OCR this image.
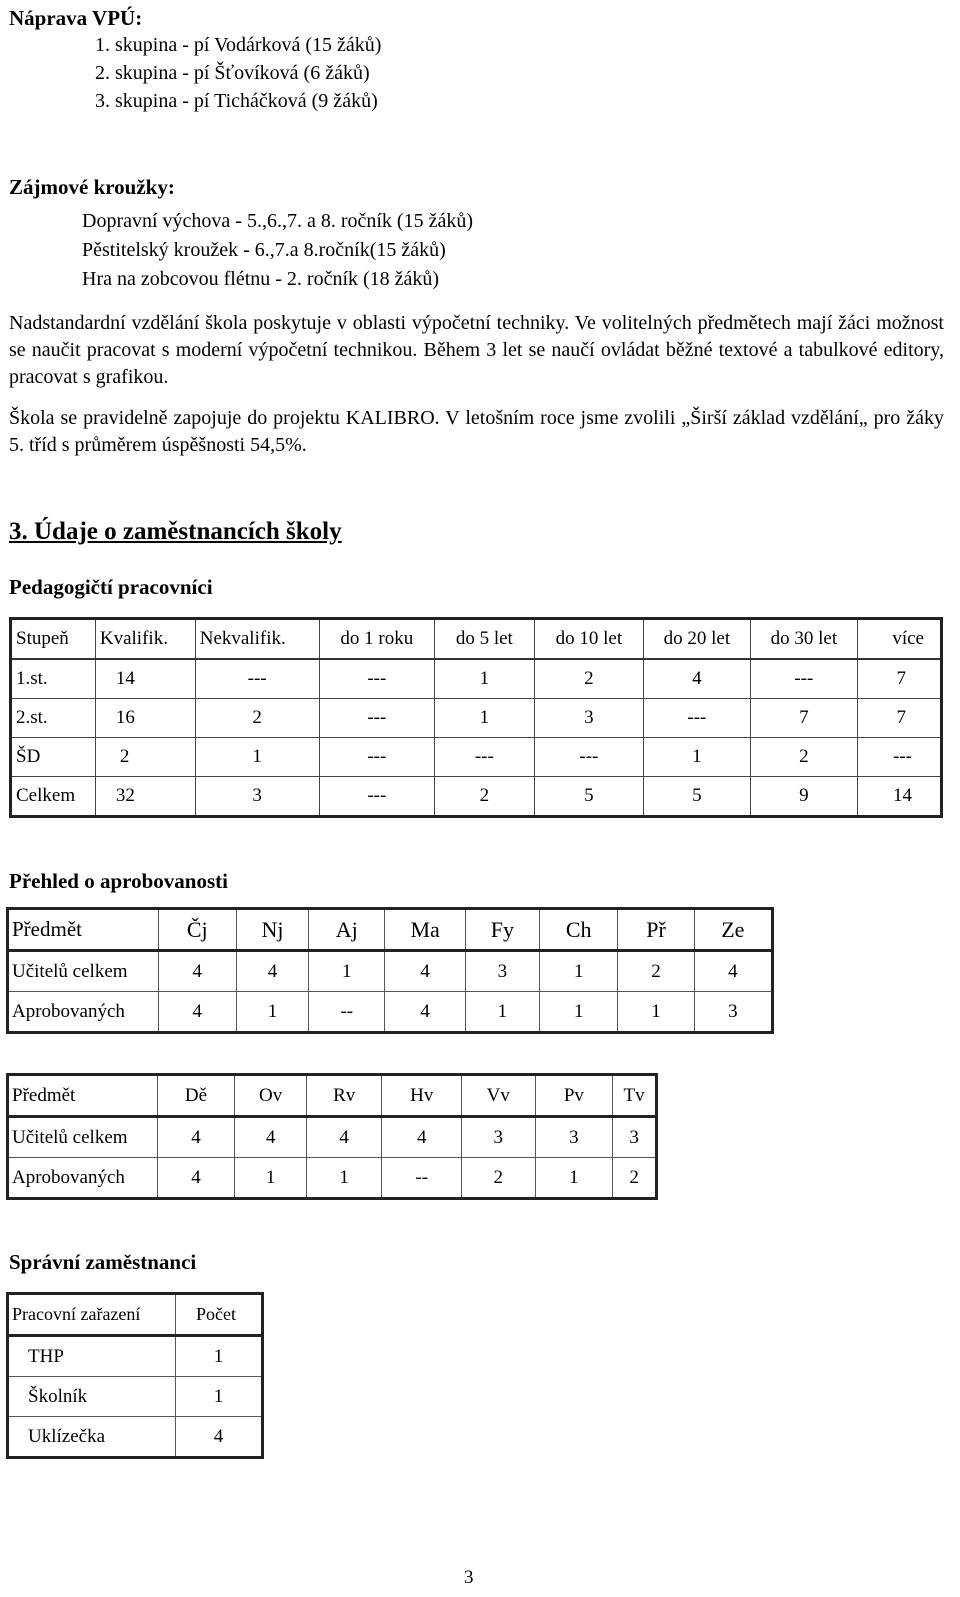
Náprava VPÚ:
1. skupina - pí Vodárková (15 žáků)
2. skupina - pí Šťovíková (6 žáků)
3. skupina - pí Ticháčková (9 žáků)
Zájmové kroužky:
Dopravní výchova - 5.,6.,7. a 8. ročník (15 žáků)
Pěstitelský kroužek - 6.,7.a 8.ročník(15 žáků)
Hra na zobcovou flétnu - 2. ročník (18 žáků)
Nadstandardní vzdělání škola poskytuje v oblasti výpočetní techniky. Ve volitelných předmětech mají žáci možnost se naučit pracovat s moderní výpočetní technikou. Během 3 let se naučí ovládat běžné textové a tabulkové editory, pracovat s grafikou.
Škola se pravidelně zapojuje do projektu KALIBRO. V letošním roce jsme zvolili „Širší základ vzdělání„ pro žáky 5. tříd s průměrem úspěšnosti 54,5%.
3. Údaje o zaměstnancích školy
Pedagogičtí pracovníci
Stupeň	Kvalifik.	Nekvalifik.	do 1 roku	do 5 let	do 10 let	do 20 let	do 30 let	více
1.st.	14	---	---	1	2	4	---	7
2.st.	16	2	---	1	3	---	7	7
ŠD	2	1	---	---	---	1	2	---
Celkem	32	3	---	2	5	5	9	14
Přehled o aprobovanosti
Předmět	Čj	Nj	Aj	Ma	Fy	Ch	Př	Ze
Učitelů celkem	4	4	1	4	3	1	2	4
Aprobovaných	4	1	--	4	1	1	1	3
Předmět	Dě	Ov	Rv	Hv	Vv	Pv	Tv
Učitelů celkem	4	4	4	4	3	3	3
Aprobovaných	4	1	1	--	2	1	2
Správní zaměstnanci
Pracovní zařazení	Počet
THP	1
Školník	1
Uklízečka	4
3
